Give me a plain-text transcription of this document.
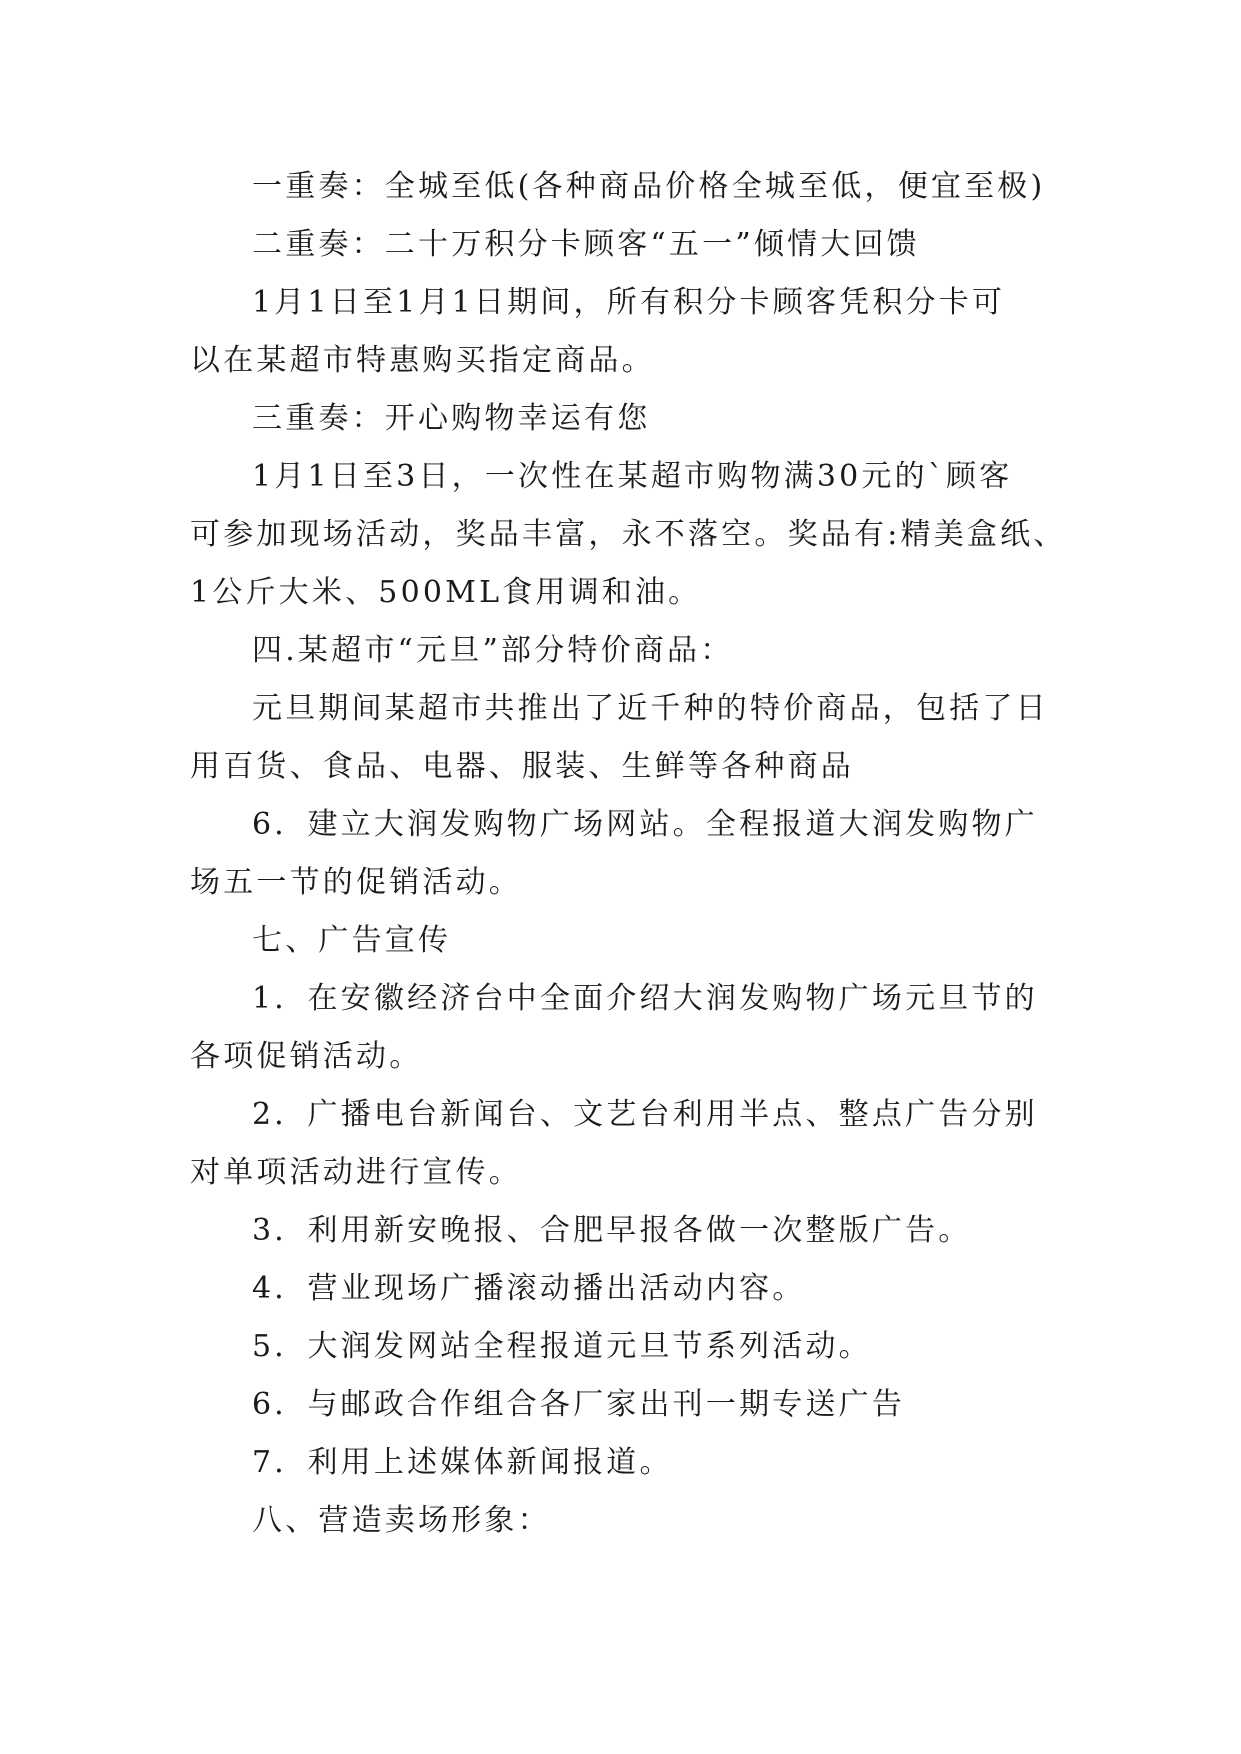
一重奏：全城至低(各种商品价格全城至低，便宜至极)
二重奏：二十万积分卡顾客“五一”倾情大回馈
1月1日至1月1日期间，所有积分卡顾客凭积分卡可
以在某超市特惠购买指定商品。
三重奏：开心购物幸运有您
1月1日至3日，一次性在某超市购物满30元的`顾客
可参加现场活动，奖品丰富，永不落空。奖品有:精美盒纸、
1公斤大米、500ML食用调和油。
四.某超市“元旦”部分特价商品：
元旦期间某超市共推出了近千种的特价商品，包括了日
用百货、食品、电器、服装、生鲜等各种商品
6．建立大润发购物广场网站。全程报道大润发购物广
场五一节的促销活动。
七、广告宣传
1．在安徽经济台中全面介绍大润发购物广场元旦节的
各项促销活动。
2．广播电台新闻台、文艺台利用半点、整点广告分别
对单项活动进行宣传。
3．利用新安晚报、合肥早报各做一次整版广告。
4．营业现场广播滚动播出活动内容。
5．大润发网站全程报道元旦节系列活动。
6．与邮政合作组合各厂家出刊一期专送广告
7．利用上述媒体新闻报道。
八、营造卖场形象：
